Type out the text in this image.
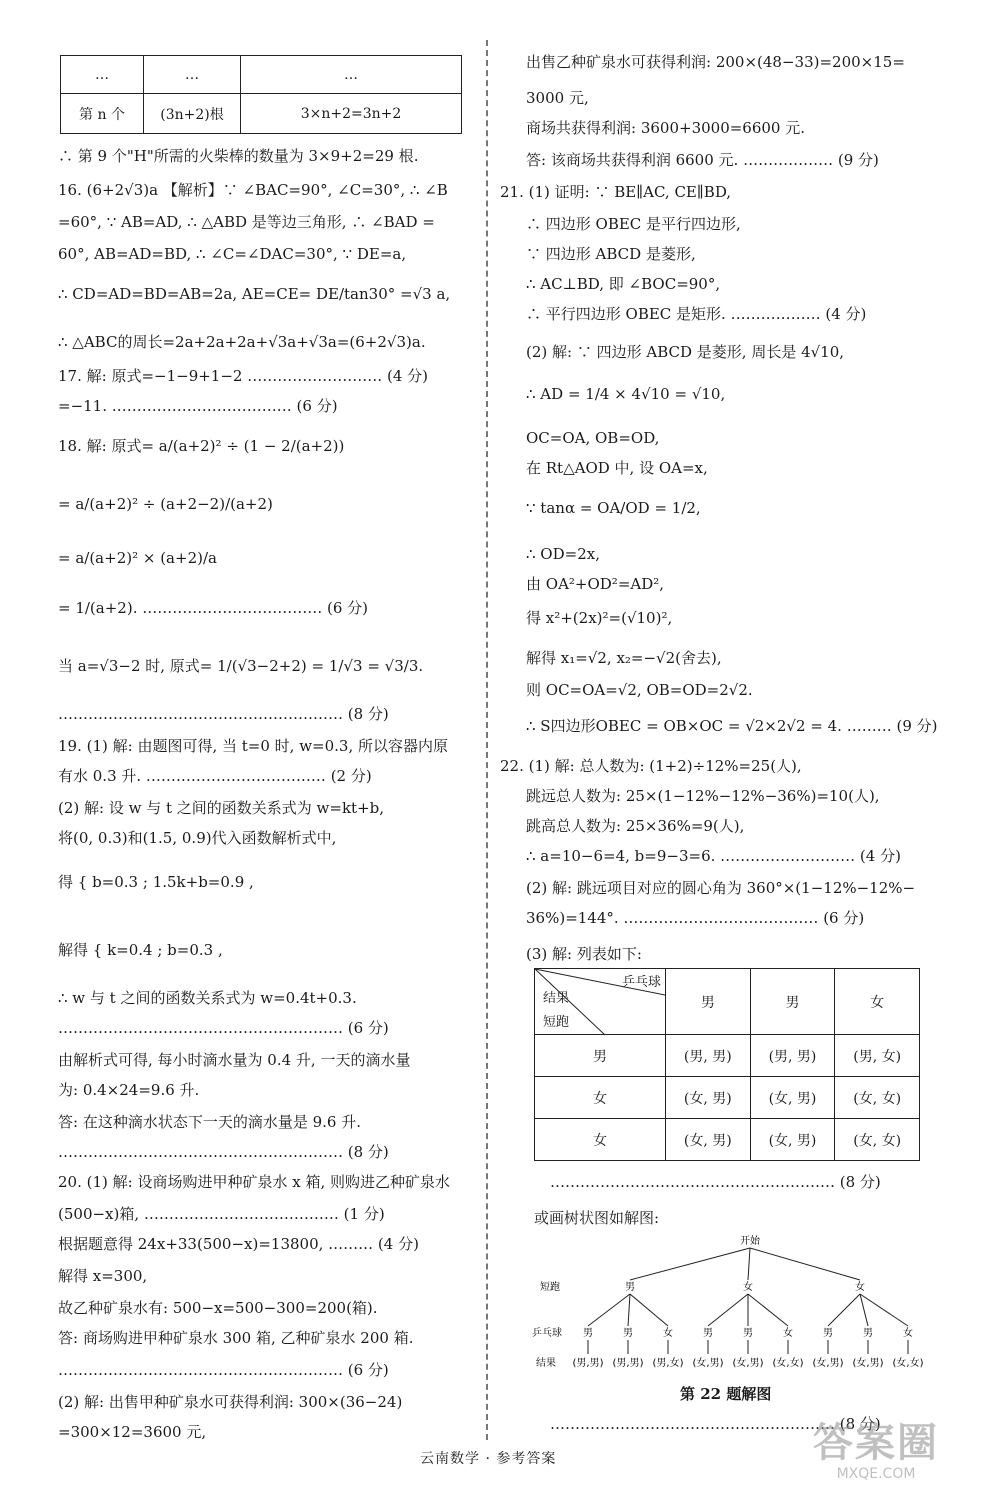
…	…	…
第 n 个	(3n+2)根	3×n+2=3n+2
∴ 第 9 个"H"所需的火柴棒的数量为 3×9+2=29 根.
16. (6+2√3)a 【解析】∵ ∠BAC=90°, ∠C=30°, ∴ ∠B
=60°, ∵ AB=AD, ∴ △ABD 是等边三角形, ∴ ∠BAD =
60°, AB=AD=BD, ∴ ∠C=∠DAC=30°, ∵ DE=a,
∴ CD=AD=BD=AB=2a, AE=CE= DE/tan30° =√3 a,
∴ △ABC的周长=2a+2a+2a+√3a+√3a=(6+2√3)a.
17. 解: 原式=−1−9+1−2 ……………………… (4 分)
=−11. ……………………………… (6 分)
18. 解: 原式= a/(a+2)² ÷ (1 − 2/(a+2))
= a/(a+2)² ÷ (a+2−2)/(a+2)
= a/(a+2)² × (a+2)/a
= 1/(a+2). ……………………………… (6 分)
当 a=√3−2 时, 原式= 1/(√3−2+2) = 1/√3 = √3/3.
………………………………………………… (8 分)
19. (1) 解: 由题图可得, 当 t=0 时, w=0.3, 所以容器内原
有水 0.3 升. ……………………………… (2 分)
(2) 解: 设 w 与 t 之间的函数关系式为 w=kt+b,
将(0, 0.3)和(1.5, 0.9)代入函数解析式中,
得 { b=0.3 ; 1.5k+b=0.9 ,
解得 { k=0.4 ; b=0.3 ,
∴ w 与 t 之间的函数关系式为 w=0.4t+0.3.
………………………………………………… (6 分)
由解析式可得, 每小时滴水量为 0.4 升, 一天的滴水量
为: 0.4×24=9.6 升.
答: 在这种滴水状态下一天的滴水量是 9.6 升.
………………………………………………… (8 分)
20. (1) 解: 设商场购进甲种矿泉水 x 箱, 则购进乙种矿泉水
(500−x)箱, ………………………………… (1 分)
根据题意得 24x+33(500−x)=13800, ……… (4 分)
解得 x=300,
故乙种矿泉水有: 500−x=500−300=200(箱).
答: 商场购进甲种矿泉水 300 箱, 乙种矿泉水 200 箱.
………………………………………………… (6 分)
(2) 解: 出售甲种矿泉水可获得利润: 300×(36−24)
=300×12=3600 元,
出售乙种矿泉水可获得利润: 200×(48−33)=200×15=
3000 元,
商场共获得利润: 3600+3000=6600 元.
答: 该商场共获得利润 6600 元. ……………… (9 分)
21. (1) 证明: ∵ BE∥AC, CE∥BD,
∴ 四边形 OBEC 是平行四边形,
∵ 四边形 ABCD 是菱形,
∴ AC⊥BD, 即 ∠BOC=90°,
∴ 平行四边形 OBEC 是矩形. ……………… (4 分)
(2) 解: ∵ 四边形 ABCD 是菱形, 周长是 4√10,
∴ AD = 1/4 × 4√10 = √10,
OC=OA, OB=OD,
在 Rt△AOD 中, 设 OA=x,
∵ tanα = OA/OD = 1/2,
∴ OD=2x,
由 OA²+OD²=AD²,
得 x²+(2x)²=(√10)²,
解得 x₁=√2, x₂=−√2(舍去),
则 OC=OA=√2, OB=OD=2√2.
∴ S四边形OBEC = OB×OC = √2×2√2 = 4. ……… (9 分)
22. (1) 解: 总人数为: (1+2)÷12%=25(人),
跳远总人数为: 25×(1−12%−12%−36%)=10(人),
跳高总人数为: 25×36%=9(人),
∴ a=10−6=4, b=9−3=6. ……………………… (4 分)
(2) 解: 跳远项目对应的圆心角为 360°×(1−12%−12%−
36%)=144°. ………………………………… (6 分)
(3) 解: 列表如下:
乒乓球
结果
短跑	男	男	女
男	(男, 男)	(男, 男)	(男, 女)
女	(女, 男)	(女, 男)	(女, 女)
女	(女, 男)	(女, 男)	(女, 女)
………………………………………………… (8 分)
或画树状图如解图:
开始
短跑	男	女	女
乒乓球 男	男	女	男	男	女	男	男	女
结果 (男,男) (男,男) (男,女) (女,男) (女,男) (女,女) (女,男) (女,男) (女,女)
第 22 题解图
………………………………………………… (8 分)
云南数学 · 参考答案	答案圈
MXQE.COM
